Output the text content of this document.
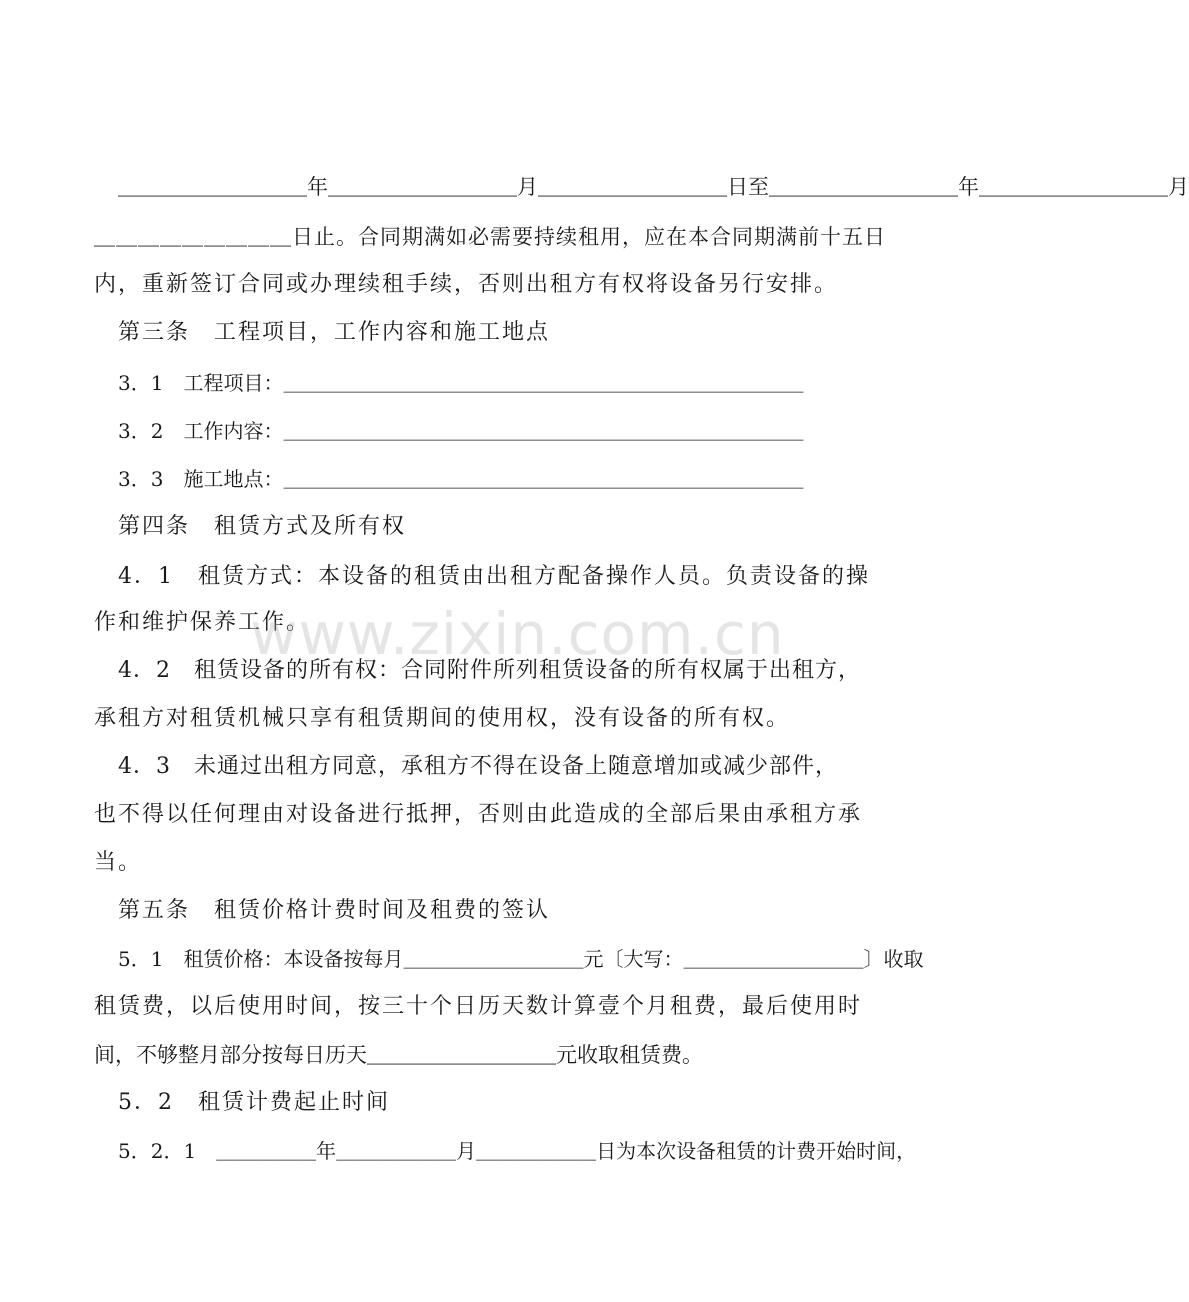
＿＿＿＿＿＿＿＿＿年＿＿＿＿＿＿＿＿＿月＿＿＿＿＿＿＿＿＿日至＿＿＿＿＿＿＿＿＿年＿＿＿＿＿＿＿＿＿月
＿＿＿＿＿＿＿＿＿日止。合同期满如必需要持续租用，应在本合同期满前十五日
内，重新签订合同或办理续租手续，否则出租方有权将设备另行安排。
第三条　工程项目，工作内容和施工地点
3．1　工程项目：＿＿＿＿＿＿＿＿＿＿＿＿＿＿＿＿＿＿＿＿＿＿＿＿＿＿
3．2　工作内容：＿＿＿＿＿＿＿＿＿＿＿＿＿＿＿＿＿＿＿＿＿＿＿＿＿＿
3．3　施工地点：＿＿＿＿＿＿＿＿＿＿＿＿＿＿＿＿＿＿＿＿＿＿＿＿＿＿
第四条　租赁方式及所有权
4．1　租赁方式：本设备的租赁由出租方配备操作人员。负责设备的操
作和维护保养工作。
4．2　租赁设备的所有权：合同附件所列租赁设备的所有权属于出租方，
承租方对租赁机械只享有租赁期间的使用权，没有设备的所有权。
4．3　未通过出租方同意，承租方不得在设备上随意增加或减少部件，
也不得以任何理由对设备进行抵押，否则由此造成的全部后果由承租方承
当。
第五条　租赁价格计费时间及租费的签认
5．1　租赁价格：本设备按每月＿＿＿＿＿＿＿＿＿元〔大写：＿＿＿＿＿＿＿＿＿〕收取
租赁费，以后使用时间，按三十个日历天数计算壹个月租费，最后使用时
间，不够整月部分按每日历天＿＿＿＿＿＿＿＿＿元收取租赁费。
5．2　租赁计费起止时间
5．2．1　＿＿＿＿＿年＿＿＿＿＿＿月＿＿＿＿＿＿日为本次设备租赁的计费开始时间，
www.zixin.com.cn
